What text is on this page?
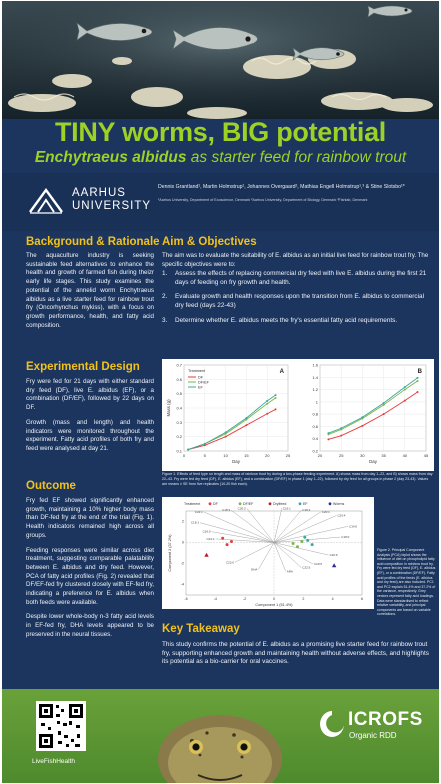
TINY worms, BIG potential
Enchytraeus albidus as starter feed for rainbow trout
AARHUS
UNIVERSITY
Dennis Grantland¹, Martin Holmstrup¹, Johannes Overgaard², Mathias Engell Holmstrup¹,³ & Stine Slotsbo¹*
¹Aarhus University, Department of Ecoscience, Denmark ²Aarhus University, Department of Biology, Denmark ³Fishlab, Denmark
Background & Rationale

The aquaculture industry is seeking sustainable feed alternatives to enhance the health and growth of farmed fish during theizr early life stages. This study examines the potential of the annelid worm Enchytraeus albidus as a live starter feed for rainbow trout fry (Oncorhynchus mykiss), with a focus on growth performance, health, and fatty acid composition.

Experimental Design

Fry were fed for 21 days with either standard dry feed (DF), live E. albidus (EF), or a combination (DF/EF), followed by 22 days on DF.

Growth (mass and length) and health indicators were monitored throughout the experiment. Fatty acid profiles of both fry and feed were analysed at day 21.

Outcome

Fry fed EF showed significantly enhanced growth, maintaining a 10% higher body mass than DF-fed fry at the end of the trial (Fig. 1). Health indicators remained high across all groups.

Feeding responses were similar across diet treatment, suggesting comparable palatability between E. albidus and dry feed. However, PCA of fatty acid profiles (Fig. 2) revealed that DF/EF-fed fry clustered closely with EF-fed fry, indicating a preference for E. albidus when both feeds were available.

Despite lower whole-body n-3 fatty acid levels in EF-fed fry, DHA levels appeared to be preserved in the neural tissues.

Aim & Objectives
The aim was to evaluate the suitability of E. albidus as an initial live feed for rainbow trout fry. The specific objectives were to:
1. Assess the effects of replacing commercial dry feed with live E. albidus during the first 21 days of feeding on fry growth and health.
2. Evaluate growth and health responses upon the transition from E. albidus to commercial dry feed (days 22-43)
3. Determine whether E. albidus meets the fry's essential fatty acid requirements.
0.1
0.2
0.3
0.4
0.5
0.6
0.7
0	5	10	15	20	25
Day
Mass (g)
A
Treatment
DF
DF/EF
EF
0.2
0.4
0.6
0.8
1
1.2
1.4
1.6
20	25	30	35	40	45
Day
B
Figure 1. Effects of feed type on length and mass of rainbow trout fry during a two-phase feeding experiment. A) shows mass from day 1–22, and B) shows mass from day 22–43. Fry were fed dry feed (DF), E. albidus (EF), and a combination (DF/EF) in phase 1 (day 1–22), followed by dry feed for all groups in phase 2 (day 23-43). Values are means ± SE from five replicates (10-20 fish each).
-6	-4	-2	0	2	4	6
-4
-2
0
2
Component 1 (51.4%)
Component 2 (37.2%)
C22:1	C18:3	C20:2	C16:1	C18:2	C20:1
C20:4
C18:1
C16:0
C14:0
C18:0
C22:6
C20:5
C22:0
DHA	ARA
C22:5
C24:1
Treatment	DF	DF/EF	Drylfeed	EF	Worms
Figure 2. Principal Component Analysis (PCA) biplot shows the influence of diet on phospholipid fatty acid composition in rainbow trout fry. Fry were fed dry feed (DF), E. albidus (EF), or a combination (DF/EF). Fatty acid profiles of the feeds (E. albidus and dry feed) are also included. PC1 and PC2 explain 51.4% and 37.2% of the variance, respectively. Grey vectors represent fatty acid loadings. Data were standardised to reflect relative variability, and principal components are based on variable correlations.
Key Takeaway
This study confirms the potential of E. albidus as a promising live starter feed for rainbow trout fry, supporting enhanced growth and maintaining health without adverse effects, and highlights its potential as a bio-carrier for oral vaccines.
LiveFishHealth
ICROFS
Organic RDD
